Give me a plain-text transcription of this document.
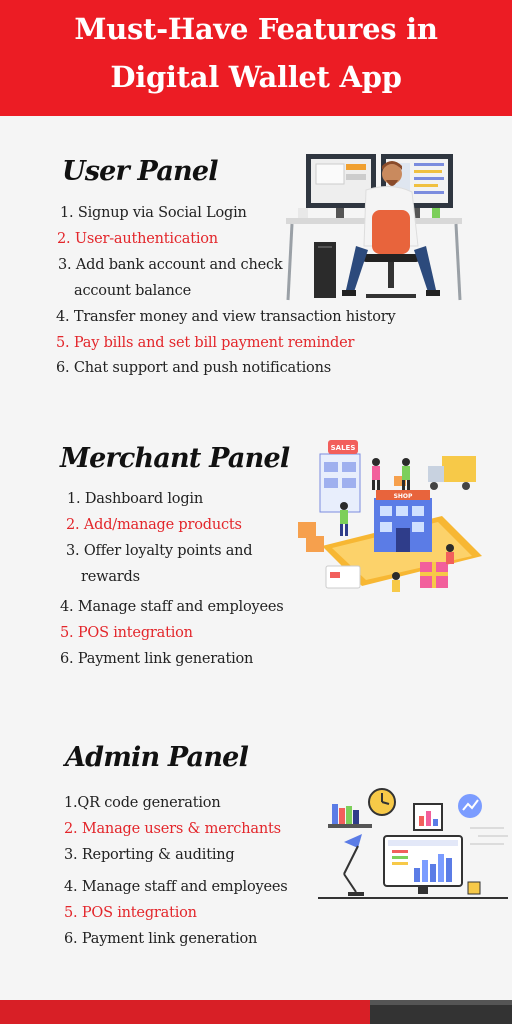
Must-Have Features in
Digital Wallet App
User Panel
1. Signup via Social Login
2. User-authentication
3. Add bank account and check
account balance
4. Transfer money and view transaction history
5. Pay bills and set bill payment reminder
6. Chat support and push notifications
Merchant Panel
1. Dashboard login
2. Add/manage products
3. Offer loyalty points and
rewards
4. Manage staff and employees
5. POS integration
6. Payment link generation
SALES
SHOP
Admin Panel
1.QR code generation
2. Manage users & merchants
3. Reporting & auditing
4. Manage staff and employees
5. POS integration
6. Payment link generation
